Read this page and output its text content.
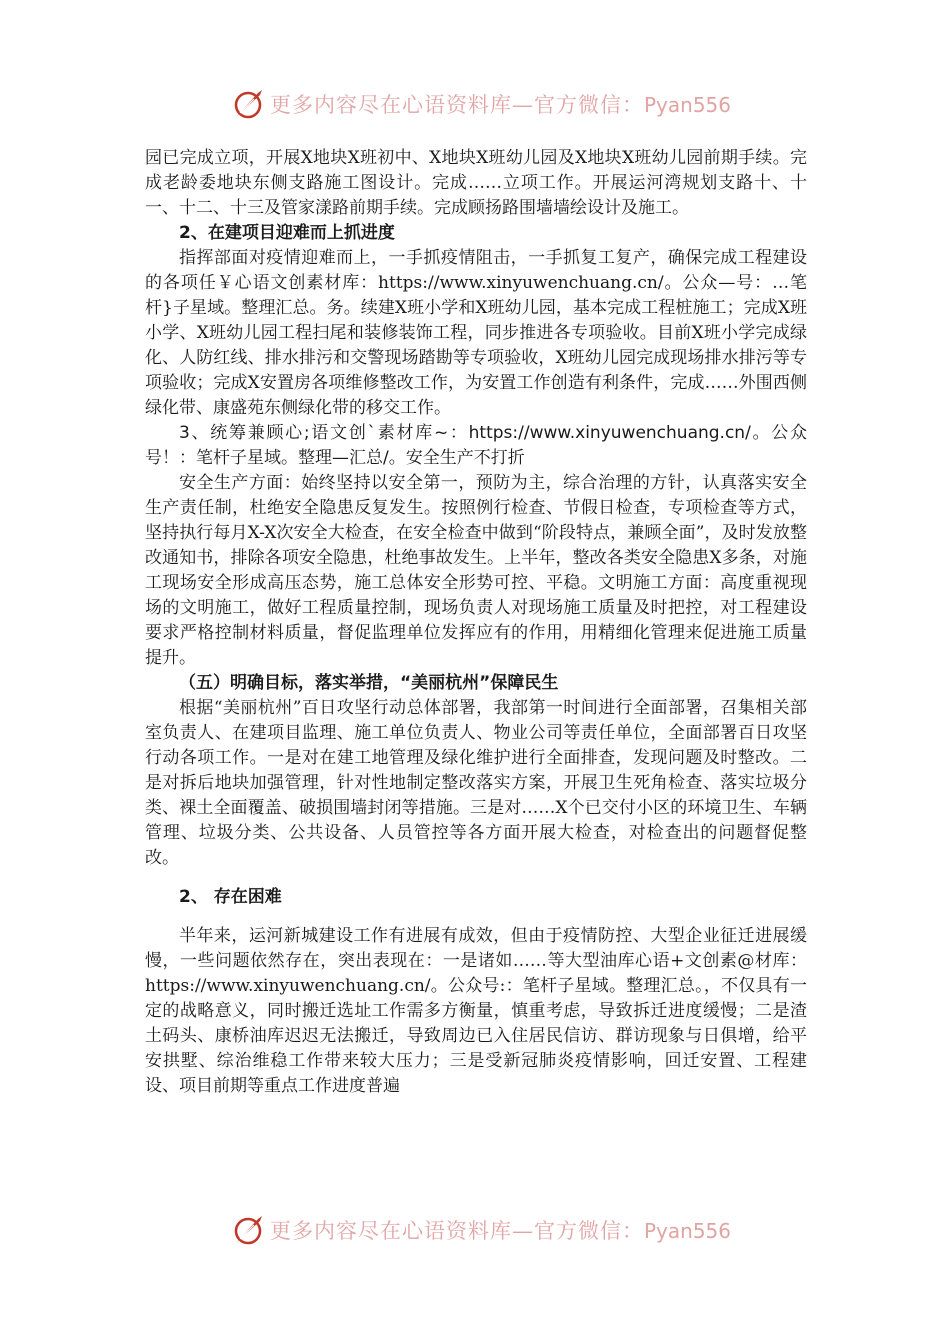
更多内容尽在心语资料库—官方微信：Pyan556

园已完成立项，开展X地块X班初中、X地块X班幼儿园及X地块X班幼儿园前期手续。完成老龄委地块东侧支路施工图设计。完成……立项工作。开展运河湾规划支路十、十一、十二、十三及管家漾路前期手续。完成顾扬路围墙墙绘设计及施工。

2、在建项目迎难而上抓进度

指挥部面对疫情迎难而上，一手抓疫情阻击，一手抓复工复产，确保完成工程建设的各项任￥心语文创素材库：https://www.xinyuwenchuang.cn/。公众—号：…笔杆}子星域。整理汇总。务。续建X班小学和X班幼儿园，基本完成工程桩施工；完成X班小学、X班幼儿园工程扫尾和装修装饰工程，同步推进各专项验收。目前X班小学完成绿化、人防红线、排水排污和交警现场踏勘等专项验收，X班幼儿园完成现场排水排污等专项验收；完成X安置房各项维修整改工作，为安置工作创造有利条件，完成……外围西侧绿化带、康盛苑东侧绿化带的移交工作。

3、统筹兼顾心;语文创`素材库~：https://www.xinyuwenchuang.cn/。公众号！：笔杆子星域。整理—汇总/。安全生产不打折

安全生产方面：始终坚持以安全第一，预防为主，综合治理的方针，认真落实安全生产责任制，杜绝安全隐患反复发生。按照例行检查、节假日检查，专项检查等方式，坚持执行每月X-X次安全大检查，在安全检查中做到“阶段特点，兼顾全面”，及时发放整改通知书，排除各项安全隐患，杜绝事故发生。上半年，整改各类安全隐患X多条，对施工现场安全形成高压态势，施工总体安全形势可控、平稳。文明施工方面：高度重视现场的文明施工，做好工程质量控制，现场负责人对现场施工质量及时把控，对工程建设要求严格控制材料质量，督促监理单位发挥应有的作用，用精细化管理来促进施工质量提升。

（五）明确目标，落实举措，“美丽杭州”保障民生

根据“美丽杭州”百日攻坚行动总体部署，我部第一时间进行全面部署，召集相关部室负责人、在建项目监理、施工单位负责人、物业公司等责任单位，全面部署百日攻坚行动各项工作。一是对在建工地管理及绿化维护进行全面排查，发现问题及时整改。二是对拆后地块加强管理，针对性地制定整改落实方案，开展卫生死角检查、落实垃圾分类、裸土全面覆盖、破损围墙封闭等措施。三是对……X个已交付小区的环境卫生、车辆管理、垃圾分类、公共设备、人员管控等各方面开展大检查，对检查出的问题督促整改。

2、 存在困难

半年来，运河新城建设工作有进展有成效，但由于疫情防控、大型企业征迁进展缓慢，一些问题依然存在，突出表现在：一是诸如……等大型油库心语+文创素@材库：https://www.xinyuwenchuang.cn/。公众号:：笔杆子星域。整理汇总。，不仅具有一定的战略意义，同时搬迁选址工作需多方衡量，慎重考虑，导致拆迁进度缓慢；二是渣土码头、康桥油库迟迟无法搬迁，导致周边已入住居民信访、群访现象与日俱增，给平安拱墅、综治维稳工作带来较大压力；三是受新冠肺炎疫情影响，回迁安置、工程建设、项目前期等重点工作进度普遍

更多内容尽在心语资料库—官方微信：Pyan556
